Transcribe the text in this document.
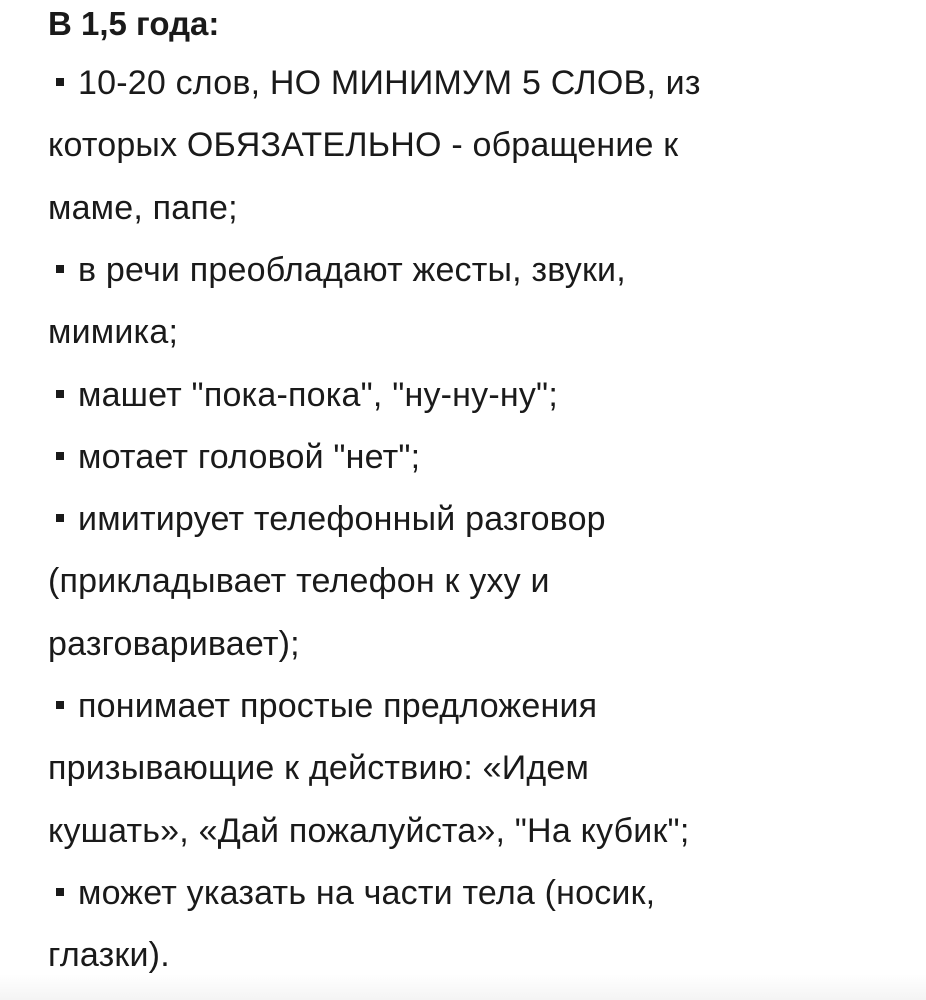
В 1,5 года:

10-20 слов, НО МИНИМУМ 5 СЛОВ, из

которых ОБЯЗАТЕЛЬНО - обращение к

маме, папе;

в речи преобладают жесты, звуки,

мимика;

машет "пока-пока", "ну-ну-ну";

мотает головой "нет";

имитирует телефонный разговор

(прикладывает телефон к уху и

разговаривает);

понимает простые предложения

призывающие к действию: «Идем

кушать», «Дай пожалуйста», "На кубик";

может указать на части тела (носик,

глазки).
